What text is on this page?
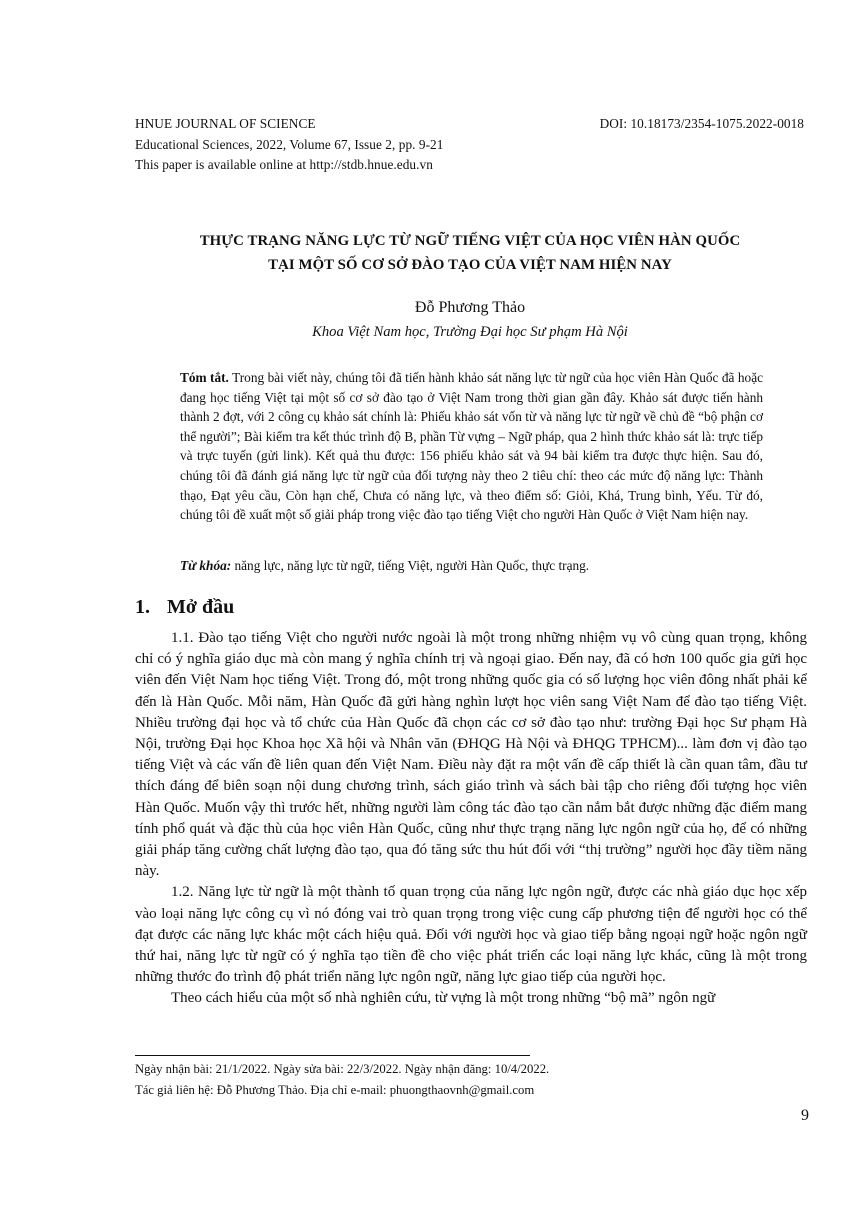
HNUE JOURNAL OF SCIENCE	DOI: 10.18173/2354-1075.2022-0018
Educational Sciences, 2022, Volume 67, Issue 2, pp. 9-21
This paper is available online at http://stdb.hnue.edu.vn
THỰC TRẠNG NĂNG LỰC TỪ NGỮ TIẾNG VIỆT CỦA HỌC VIÊN HÀN QUỐC
TẠI MỘT SỐ CƠ SỞ ĐÀO TẠO CỦA VIỆT NAM HIỆN NAY
Đỗ Phương Thảo
Khoa Việt Nam học, Trường Đại học Sư phạm Hà Nội
Tóm tắt. Trong bài viết này, chúng tôi đã tiến hành khảo sát năng lực từ ngữ của học viên Hàn Quốc đã hoặc đang học tiếng Việt tại một số cơ sở đào tạo ở Việt Nam trong thời gian gần đây. Khảo sát được tiến hành thành 2 đợt, với 2 công cụ khảo sát chính là: Phiếu khảo sát vốn từ và năng lực từ ngữ về chủ đề “bộ phận cơ thể người”; Bài kiểm tra kết thúc trình độ B, phần Từ vựng – Ngữ pháp, qua 2 hình thức khảo sát là: trực tiếp và trực tuyến (gửi link). Kết quả thu được: 156 phiếu khảo sát và 94 bài kiểm tra được thực hiện. Sau đó, chúng tôi đã đánh giá năng lực từ ngữ của đối tượng này theo 2 tiêu chí: theo các mức độ năng lực: Thành thạo, Đạt yêu cầu, Còn hạn chế, Chưa có năng lực, và theo điểm số: Giỏi, Khá, Trung bình, Yếu. Từ đó, chúng tôi đề xuất một số giải pháp trong việc đào tạo tiếng Việt cho người Hàn Quốc ở Việt Nam hiện nay.
Từ khóa: năng lực, năng lực từ ngữ, tiếng Việt, người Hàn Quốc, thực trạng.
1. Mở đầu

1.1. Đào tạo tiếng Việt cho người nước ngoài là một trong những nhiệm vụ vô cùng quan trọng, không chỉ có ý nghĩa giáo dục mà còn mang ý nghĩa chính trị và ngoại giao. Đến nay, đã có hơn 100 quốc gia gửi học viên đến Việt Nam học tiếng Việt. Trong đó, một trong những quốc gia có số lượng học viên đông nhất phải kể đến là Hàn Quốc. Mỗi năm, Hàn Quốc đã gửi hàng nghìn lượt học viên sang Việt Nam để đào tạo tiếng Việt. Nhiều trường đại học và tổ chức của Hàn Quốc đã chọn các cơ sở đào tạo như: trường Đại học Sư phạm Hà Nội, trường Đại học Khoa học Xã hội và Nhân văn (ĐHQG Hà Nội và ĐHQG TPHCM)... làm đơn vị đào tạo tiếng Việt và các vấn đề liên quan đến Việt Nam. Điều này đặt ra một vấn đề cấp thiết là cần quan tâm, đầu tư thích đáng để biên soạn nội dung chương trình, sách giáo trình và sách bài tập cho riêng đối tượng học viên Hàn Quốc. Muốn vậy thì trước hết, những người làm công tác đào tạo cần nắm bắt được những đặc điểm mang tính phổ quát và đặc thù của học viên Hàn Quốc, cũng như thực trạng năng lực ngôn ngữ của họ, để có những giải pháp tăng cường chất lượng đào tạo, qua đó tăng sức thu hút đối với “thị trường” người học đầy tiềm năng này.

1.2. Năng lực từ ngữ là một thành tố quan trọng của năng lực ngôn ngữ, được các nhà giáo dục học xếp vào loại năng lực công cụ vì nó đóng vai trò quan trọng trong việc cung cấp phương tiện để người học có thể đạt được các năng lực khác một cách hiệu quả. Đối với người học và giao tiếp bằng ngoại ngữ hoặc ngôn ngữ thứ hai, năng lực từ ngữ có ý nghĩa tạo tiền đề cho việc phát triển các loại năng lực khác, cũng là một trong những thước đo trình độ phát triển năng lực ngôn ngữ, năng lực giao tiếp của người học.

Theo cách hiểu của một số nhà nghiên cứu, từ vựng là một trong những “bộ mã” ngôn ngữ

Ngày nhận bài: 21/1/2022. Ngày sửa bài: 22/3/2022. Ngày nhận đăng: 10/4/2022.
Tác giả liên hệ: Đỗ Phương Thảo. Địa chỉ e-mail: phuongthaovnh@gmail.com
9
